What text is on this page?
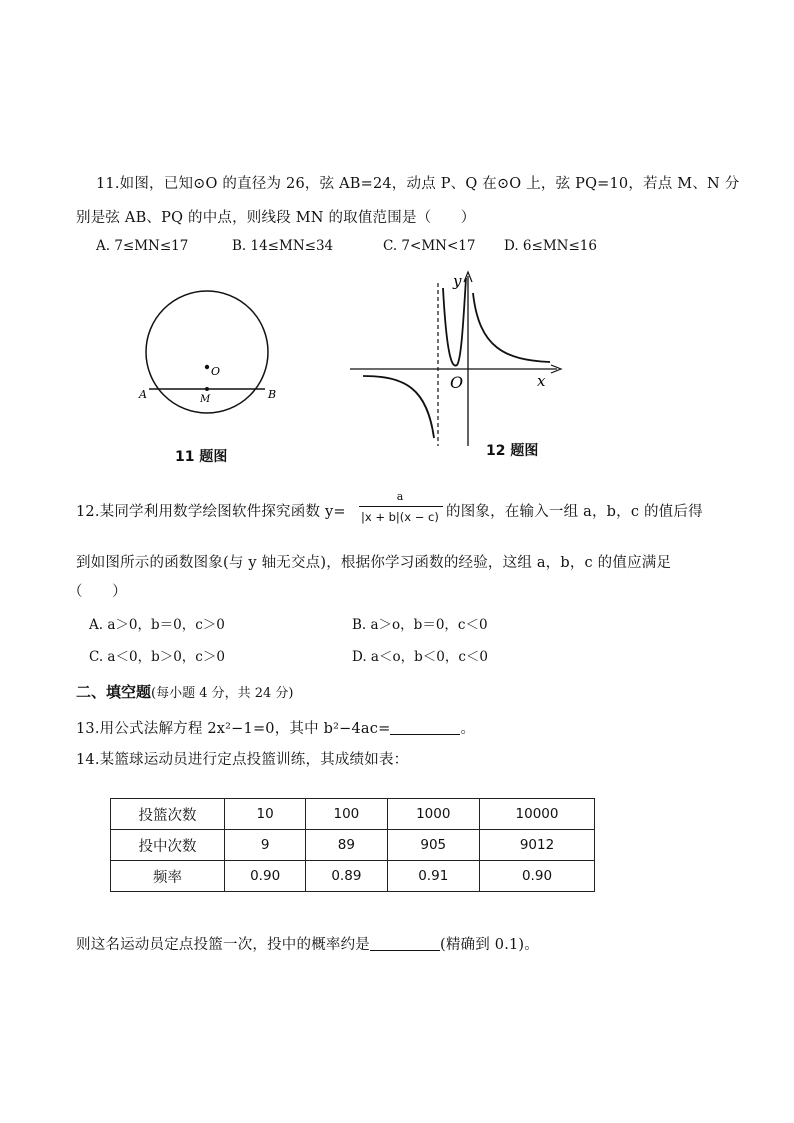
11.如图，已知⊙O 的直径为 26，弦 AB=24，动点 P、Q 在⊙O 上，弦 PQ=10，若点 M、N 分
别是弦 AB、PQ 的中点，则线段 MN 的取值范围是（　　）
A. 7≤MN≤17	B. 14≤MN≤34	C. 7<MN<17 D. 6≤MN≤16
O
A	B
M
11 题图
O	x
y
12 题图
12.某同学利用数学绘图软件探究函数 y=
a
|x + b|(x − c) 的图象，在输入一组 a，b，c 的值后得
到如图所示的函数图象(与 y 轴无交点)，根据你学习函数的经验，这组 a，b，c 的值应满足
（　　）
A. a＞0，b＝0，c＞0	B. a＞o，b＝0，c＜0
C. a＜0，b＞0，c＞0	D. a＜o，b＜0，c＜0
二、填空题(每小题 4 分，共 24 分)
13.用公式法解方程 2x²−1=0，其中 b²−4ac=	。
14.某篮球运动员进行定点投篮训练，其成绩如表：
投篮次数	10	100	1000	10000
投中次数	9	89	905	9012
频率	0.90	0.89	0.91	0.90
则这名运动员定点投篮一次，投中的概率约是	(精确到 0.1)。
